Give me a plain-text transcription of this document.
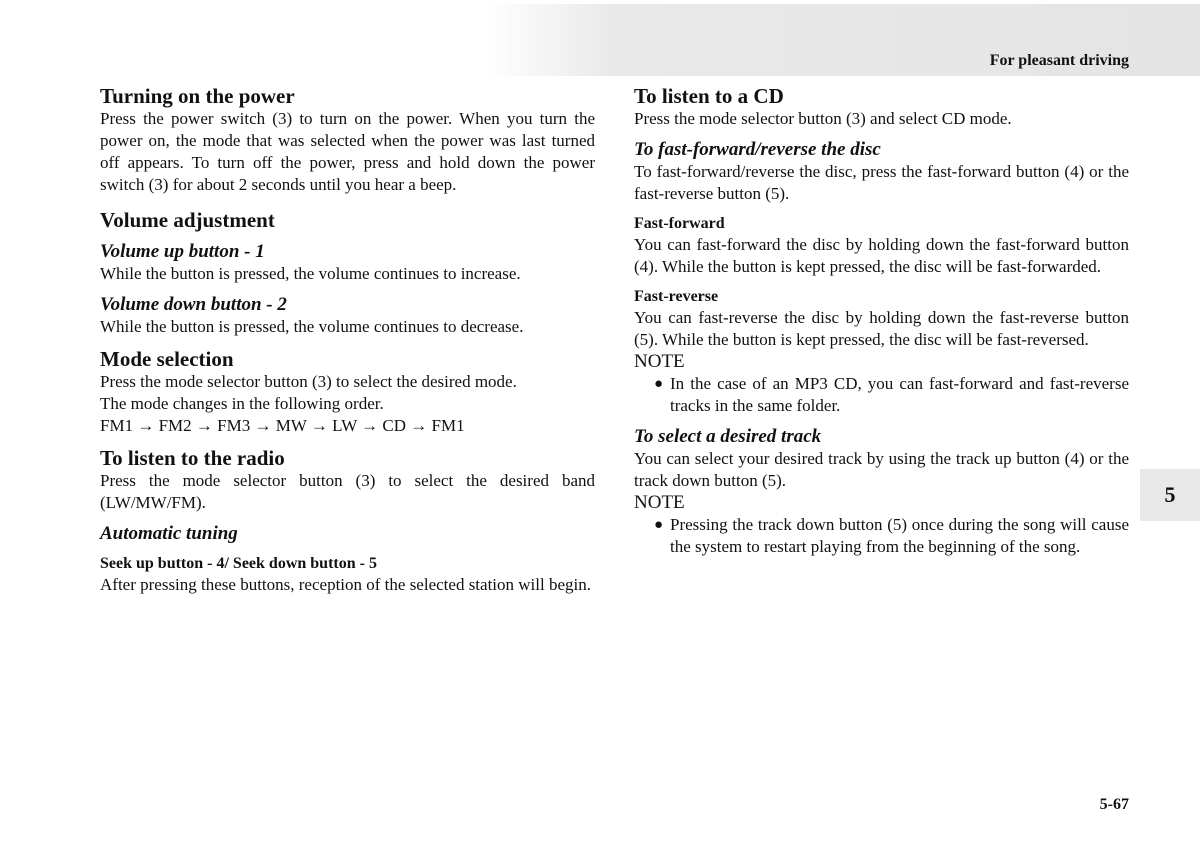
For pleasant driving

Turning on the power

Press the power switch (3) to turn on the power. When you turn the power on, the mode that was selected when the power was last turned off appears. To turn off the power, press and hold down the power switch (3) for about 2 seconds until you hear a beep.

Volume adjustment
Volume up button - 1

While the button is pressed, the volume continues to increase.

Volume down button - 2

While the button is pressed, the volume continues to decrease.

Mode selection

Press the mode selector button (3) to select the desired mode.

The mode changes in the following order.

FM1 → FM2 → FM3 → MW → LW → CD → FM1

To listen to the radio

Press the mode selector button (3) to select the desired band (LW/MW/FM).

Automatic tuning
Seek up button - 4/ Seek down button - 5

After pressing these buttons, reception of the selected station will begin.

To listen to a CD

Press the mode selector button (3) and select CD mode.

To fast-forward/reverse the disc

To fast-forward/reverse the disc, press the fast-forward button (4) or the fast-reverse button (5).

Fast-forward

You can fast-forward the disc by holding down the fast-forward button (4). While the button is kept pressed, the disc will be fast-forwarded.

Fast-reverse

You can fast-reverse the disc by holding down the fast-reverse button (5). While the button is kept pressed, the disc will be fast-reversed.

NOTE

● In the case of an MP3 CD, you can fast-forward and fast-reverse tracks in the same folder.
To select a desired track

You can select your desired track by using the track up button (4) or the track down button (5).

NOTE

● Pressing the track down button (5) once during the song will cause the system to restart playing from the beginning of the song.
5

5-67
